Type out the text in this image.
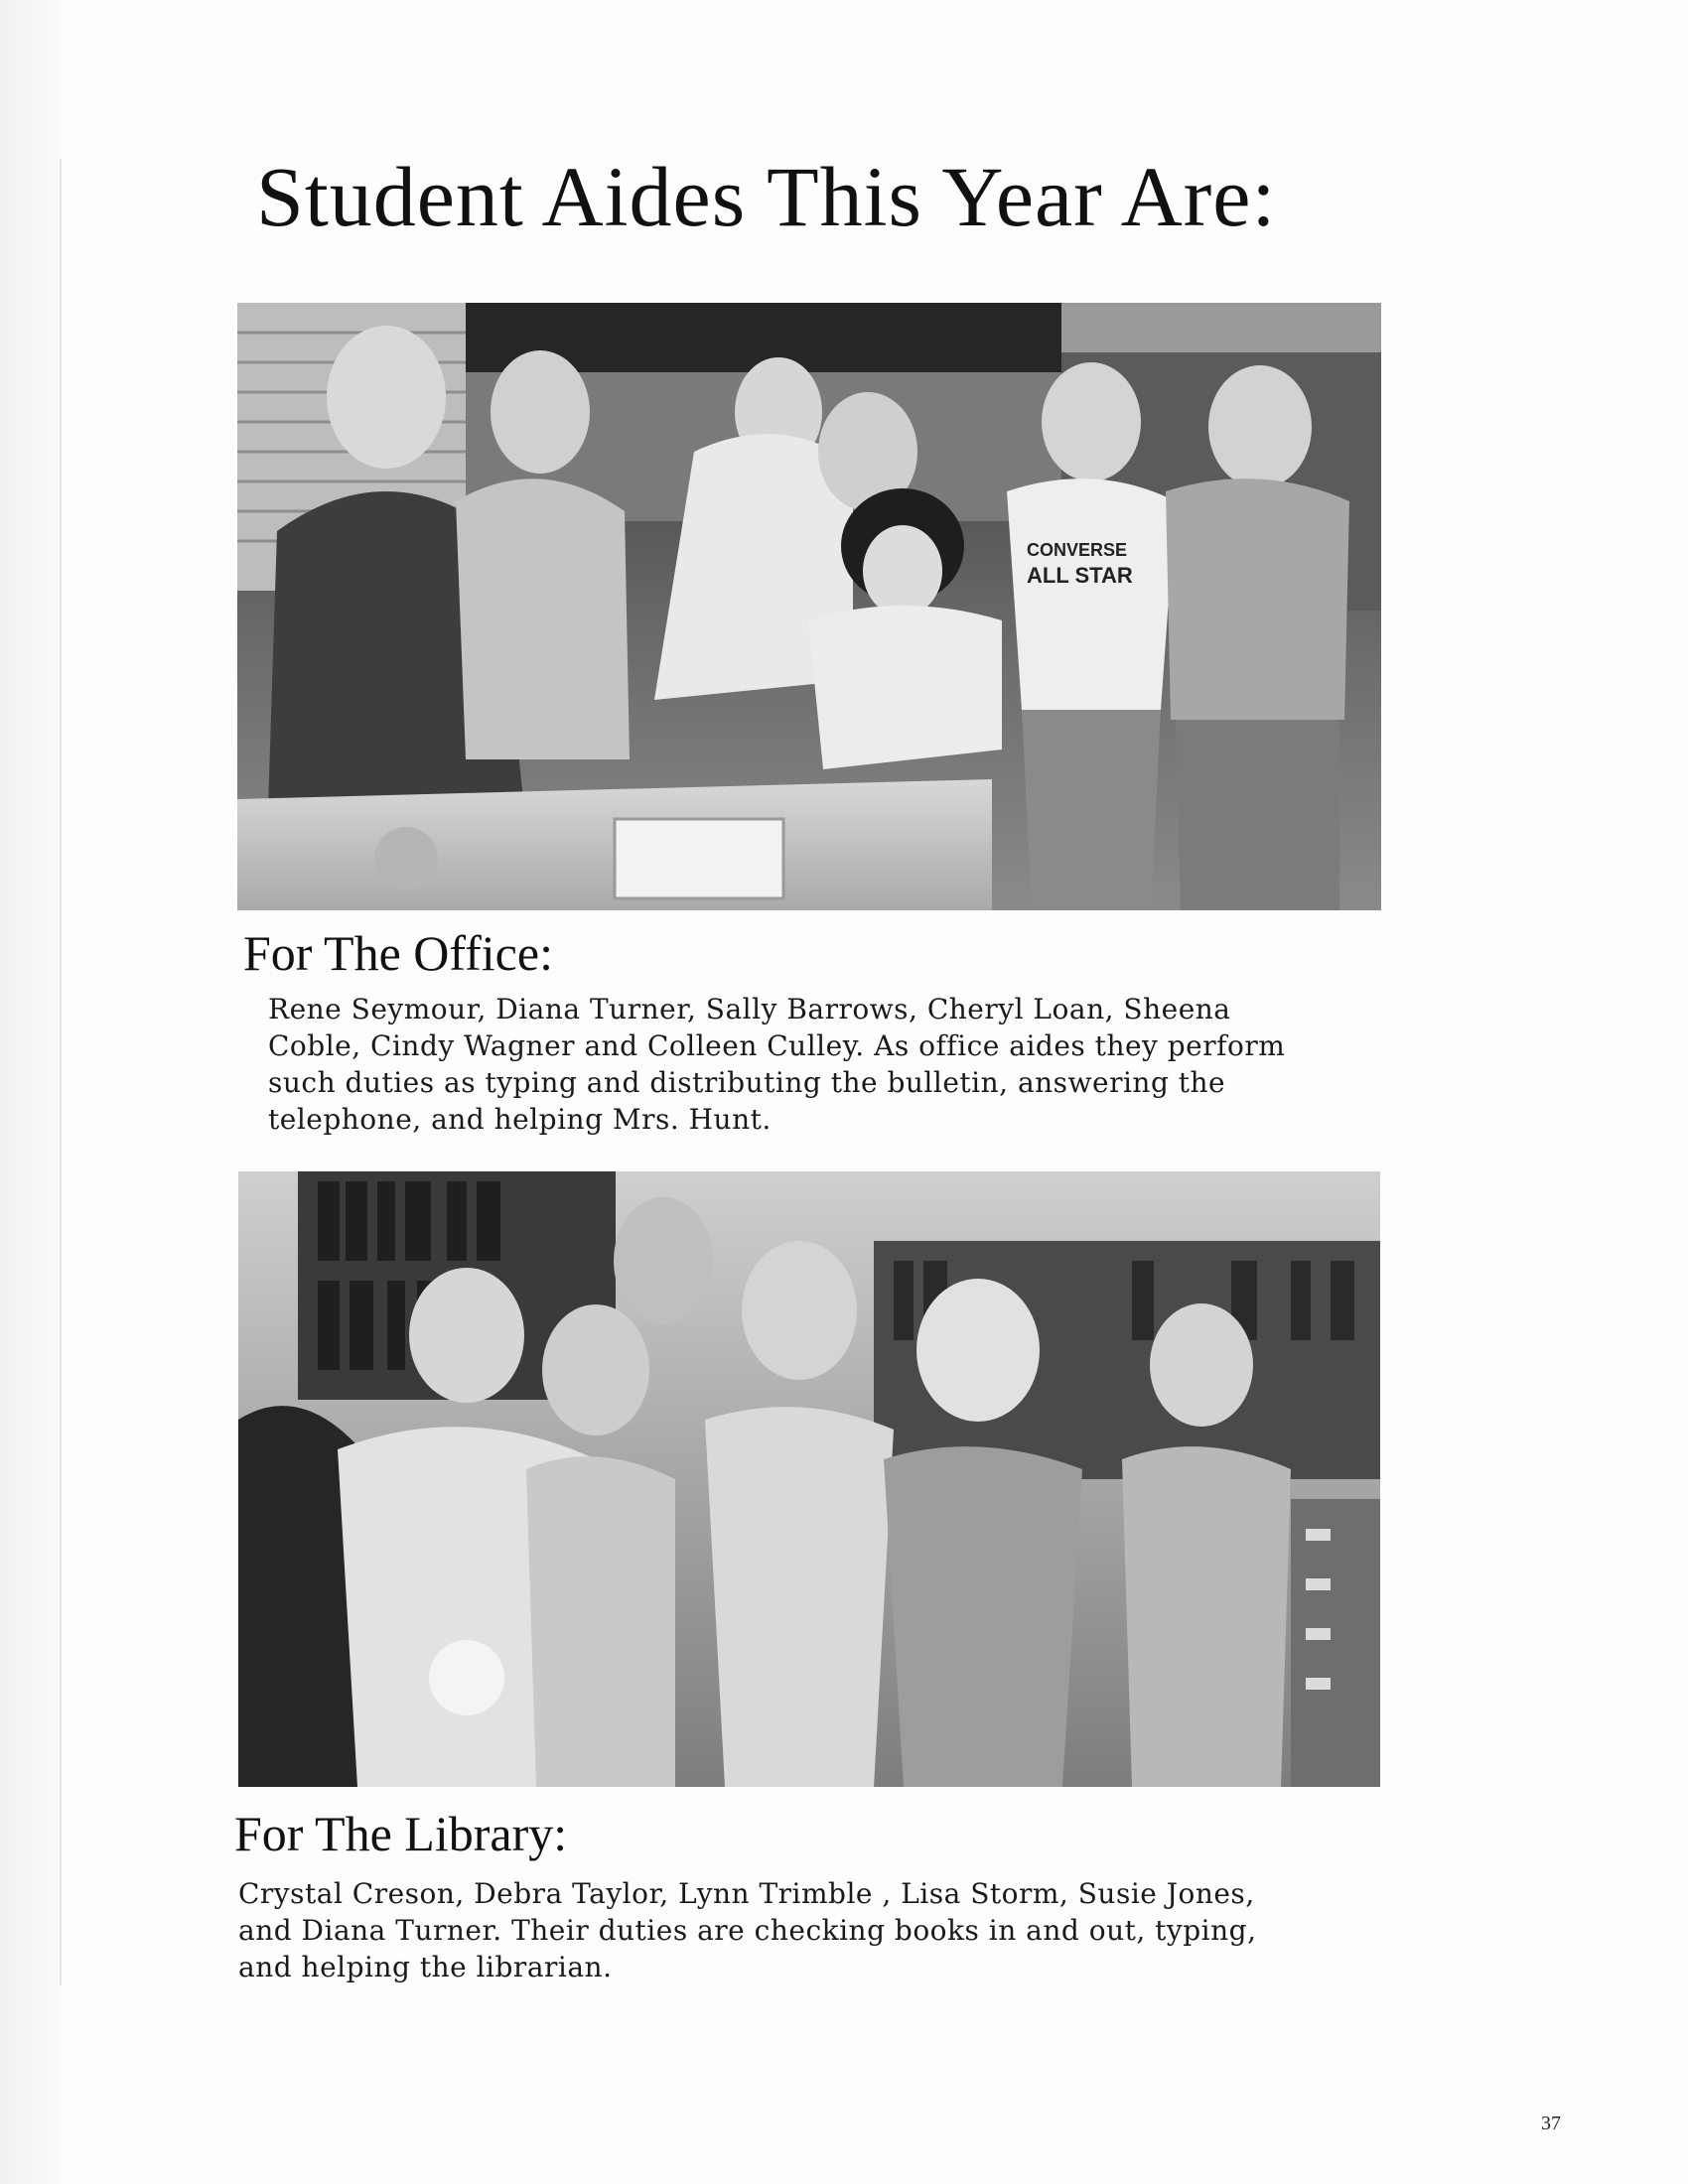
Student Aides This Year Are:
CONVERSE
ALL STAR
For The Office:
Rene Seymour, Diana Turner, Sally Barrows, Cheryl Loan, Sheena
Coble, Cindy Wagner and Colleen Culley. As office aides they perform
such duties as typing and distributing the bulletin, answering the
telephone, and helping Mrs. Hunt.
For The Library:
Crystal Creson, Debra Taylor, Lynn Trimble , Lisa Storm, Susie Jones,
and Diana Turner. Their duties are checking books in and out, typing,
and helping the librarian.
37
